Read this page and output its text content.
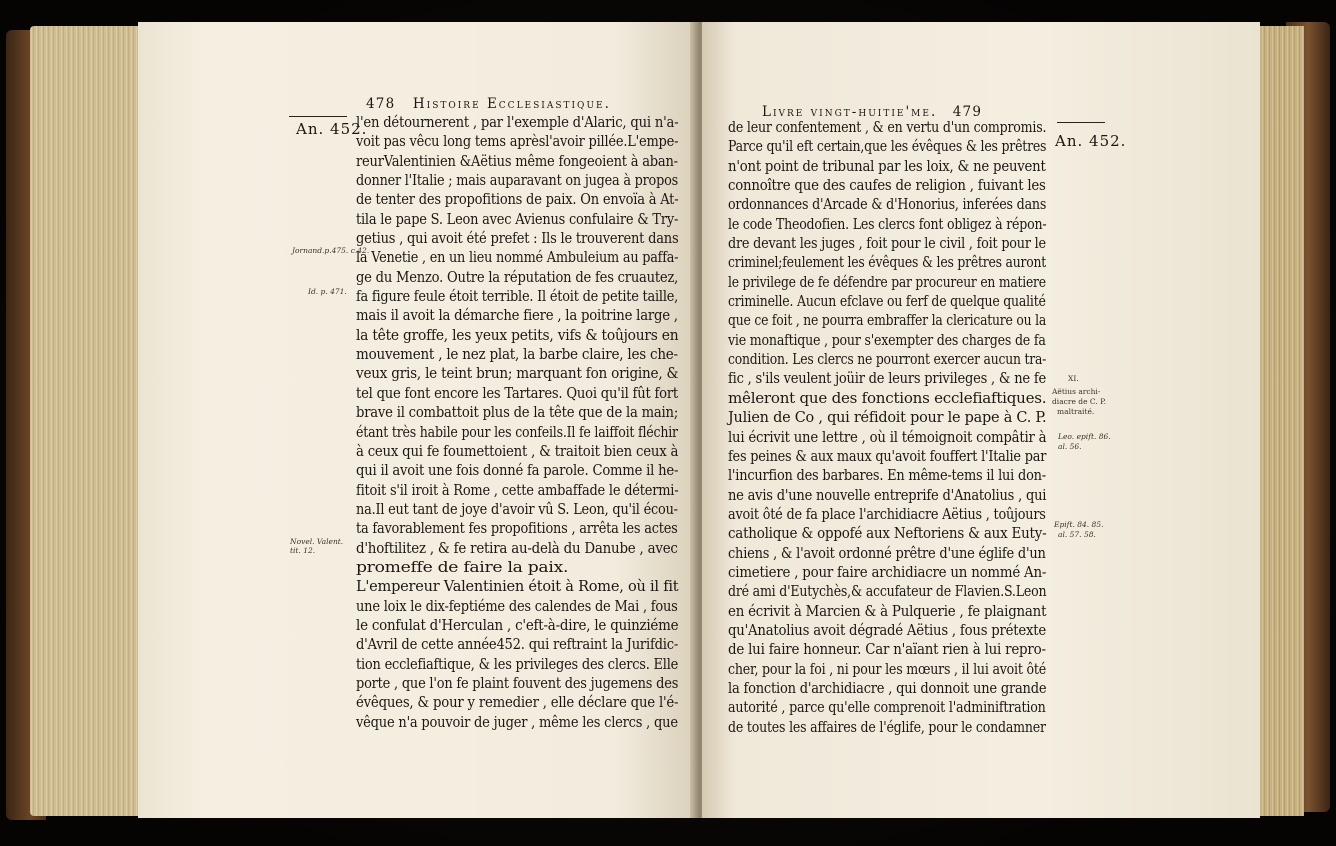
An. 452.
478 Histoire Ecclesiastique.
Jornand.p.475. c.42.
Id. p. 471.
Novel. Valent. tit. 12.
l'en détournerent , par l'exemple d'Alaric, qui n'a-
voit pas vêcu long tems aprèsl'avoir pillée.L'empe-
reurValentinien &Aëtius même fongeoient à aban-
donner l'Italie ; mais auparavant on jugea à propos
de tenter des propofitions de paix. On envoïa à At-
tila le pape S. Leon avec Avienus confulaire & Try-
getius , qui avoit été prefet : Ils le trouverent dans
la Venetie , en un lieu nommé Ambuleium au paffa-
ge du Menzo. Outre la réputation de fes cruautez,
fa figure feule étoit terrible. Il étoit de petite taille,
mais il avoit la démarche fiere , la poitrine large ,
la tête groffe, les yeux petits, vifs & toûjours en
mouvement , le nez plat, la barbe claire, les che-
veux gris, le teint brun; marquant fon origine, &
tel que font encore les Tartares. Quoi qu'il fût fort
brave il combattoit plus de la tête que de la main;
étant très habile pour les confeils.Il fe laiffoit fléchir
à ceux qui fe foumettoient , & traitoit bien ceux à
qui il avoit une fois donné fa parole. Comme il he-
fitoit s'il iroit à Rome , cette ambaffade le détermi-
na.Il eut tant de joye d'avoir vû S. Leon, qu'il écou-
ta favorablement fes propofitions , arrêta les actes
d'hoftilitez , & fe retira au-delà du Danube , avec
promeffe de faire la paix.
L'empereur Valentinien étoit à Rome, où il fit
une loix le dix-feptiéme des calendes de Mai , fous
le confulat d'Herculan , c'eft-à-dire, le quinziéme
d'Avril de cette année452. qui reftraint la Jurifdic-
tion ecclefiaftique, & les privileges des clercs. Elle
porte , que l'on fe plaint fouvent des jugemens des
évêques, & pour y remedier , elle déclare que l'é-
vêque n'a pouvoir de juger , même les clercs , que
Livre vingt-huitie'me. 479
An. 452.
XI.
Aëtius archi-
diacre de C. P.
maltraité.
Leo. epift. 86.
al. 56.
Epift. 84. 85.
al. 57. 58.
de leur confentement , & en vertu d'un compromis.
Parce qu'il eft certain,que les évêques & les prêtres
n'ont point de tribunal par les loix, & ne peuvent
connoître que des caufes de religion , fuivant les
ordonnances d'Arcade & d'Honorius, inferées dans
le code Theodofien. Les clercs font obligez à répon-
dre devant les juges , foit pour le civil , foit pour le
criminel;feulement les évêques & les prêtres auront
le privilege de fe défendre par procureur en matiere
criminelle. Aucun efclave ou ferf de quelque qualité
que ce foit , ne pourra embraffer la clericature ou la
vie monaftique , pour s'exempter des charges de fa
condition. Les clercs ne pourront exercer aucun tra-
fic , s'ils veulent joüir de leurs privileges , & ne fe
mêleront que des fonctions ecclefiaftiques.
Julien de Co , qui réfidoit pour le pape à C. P.
lui écrivit une lettre , où il témoignoit compâtir à
fes peines & aux maux qu'avoit fouffert l'Italie par
l'incurfion des barbares. En même-tems il lui don-
ne avis d'une nouvelle entreprife d'Anatolius , qui
avoit ôté de fa place l'archidiacre Aëtius , toûjours
catholique & oppofé aux Neftoriens & aux Euty-
chiens , & l'avoit ordonné prêtre d'une églife d'un
cimetiere , pour faire archidiacre un nommé An-
dré ami d'Eutychès,& accufateur de Flavien.S.Leon
en écrivit à Marcien & à Pulquerie , fe plaignant
qu'Anatolius avoit dégradé Aëtius , fous prétexte
de lui faire honneur. Car n'aïant rien à lui repro-
cher, pour la foi , ni pour les mœurs , il lui avoit ôté
la fonction d'archidiacre , qui donnoit une grande
autorité , parce qu'elle comprenoit l'adminiftration
de toutes les affaires de l'églife, pour le condamner
